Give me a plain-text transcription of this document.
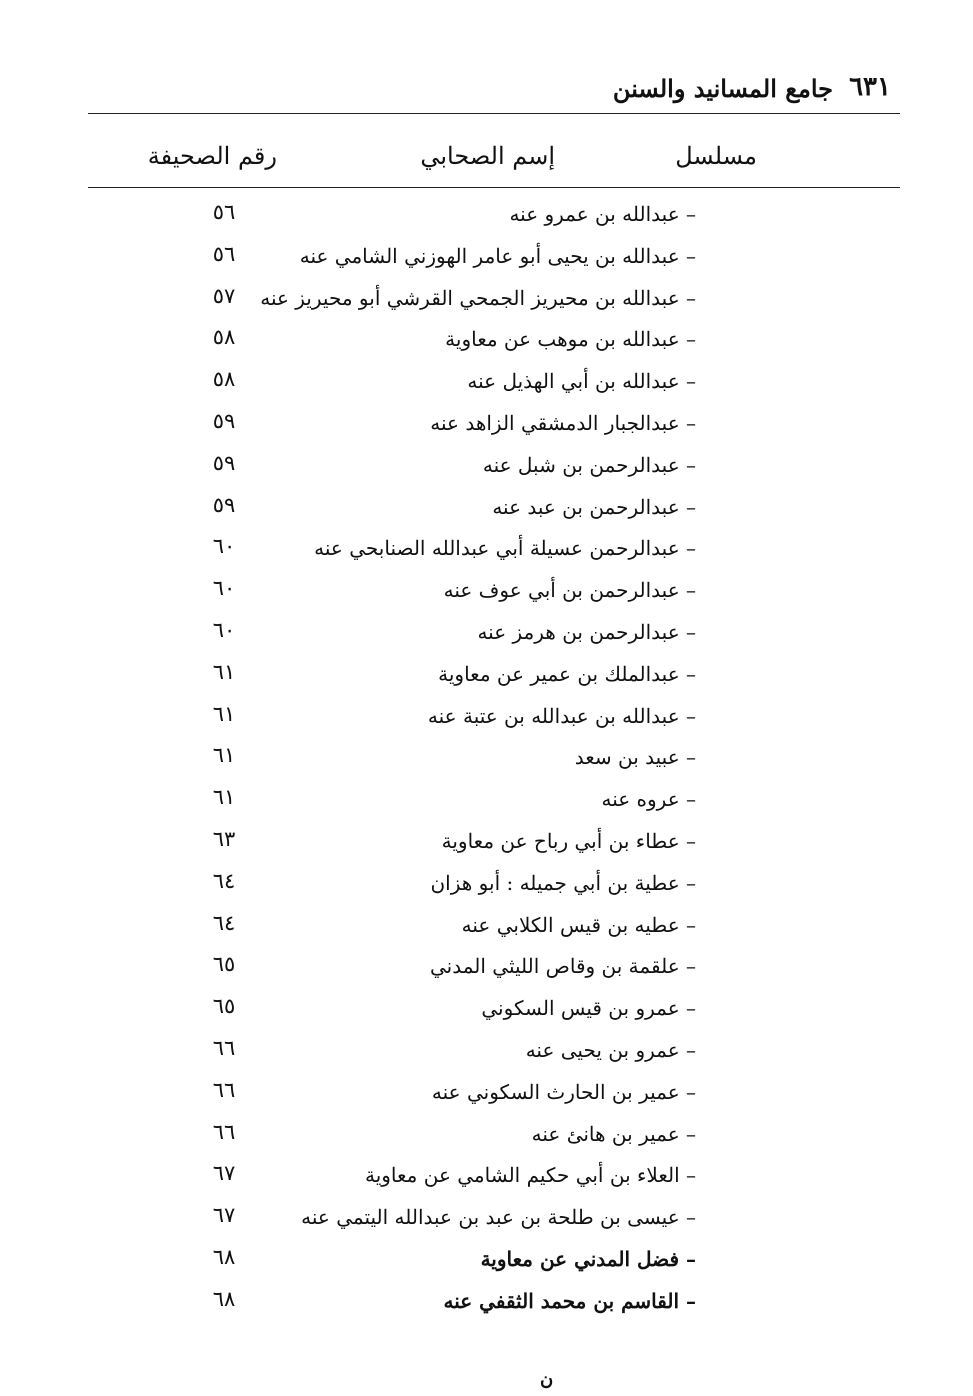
٦٣١
جامع المسانيد والسنن
مسلسل
إسم الصحابي
رقم الصحيفة
– عبدالله بن عمرو عنه
٥٦
– عبدالله بن يحيى أبو عامر الهوزني الشامي عنه
٥٦
– عبدالله بن محيريز الجمحي القرشي أبو محيريز عنه
٥٧
– عبدالله بن موهب عن معاوية
٥٨
– عبدالله بن أبي الهذيل عنه
٥٨
– عبدالجبار الدمشقي الزاهد عنه
٥٩
– عبدالرحمن بن شبل عنه
٥٩
– عبدالرحمن بن عبد عنه
٥٩
– عبدالرحمن عسيلة أبي عبدالله الصنابحي عنه
٦٠
– عبدالرحمن بن أبي عوف عنه
٦٠
– عبدالرحمن بن هرمز عنه
٦٠
– عبدالملك بن عمير عن معاوية
٦١
– عبدالله بن عبدالله بن عتبة عنه
٦١
– عبيد بن سعد
٦١
– عروه عنه
٦١
– عطاء بن أبي رباح عن معاوية
٦٣
– عطية بن أبي جميله : أبو هزان
٦٤
– عطيه بن قيس الكلابي عنه
٦٤
– علقمة بن وقاص الليثي المدني
٦٥
– عمرو بن قيس السكوني
٦٥
– عمرو بن يحيى عنه
٦٦
– عمير بن الحارث السكوني عنه
٦٦
– عمير بن هانئ عنه
٦٦
– العلاء بن أبي حكيم الشامي عن معاوية
٦٧
– عيسى بن طلحة بن عبد بن عبدالله اليتمي عنه
٦٧
– فضل المدني عن معاوية
٦٨
– القاسم بن محمد الثقفي عنه
٦٨
ن
